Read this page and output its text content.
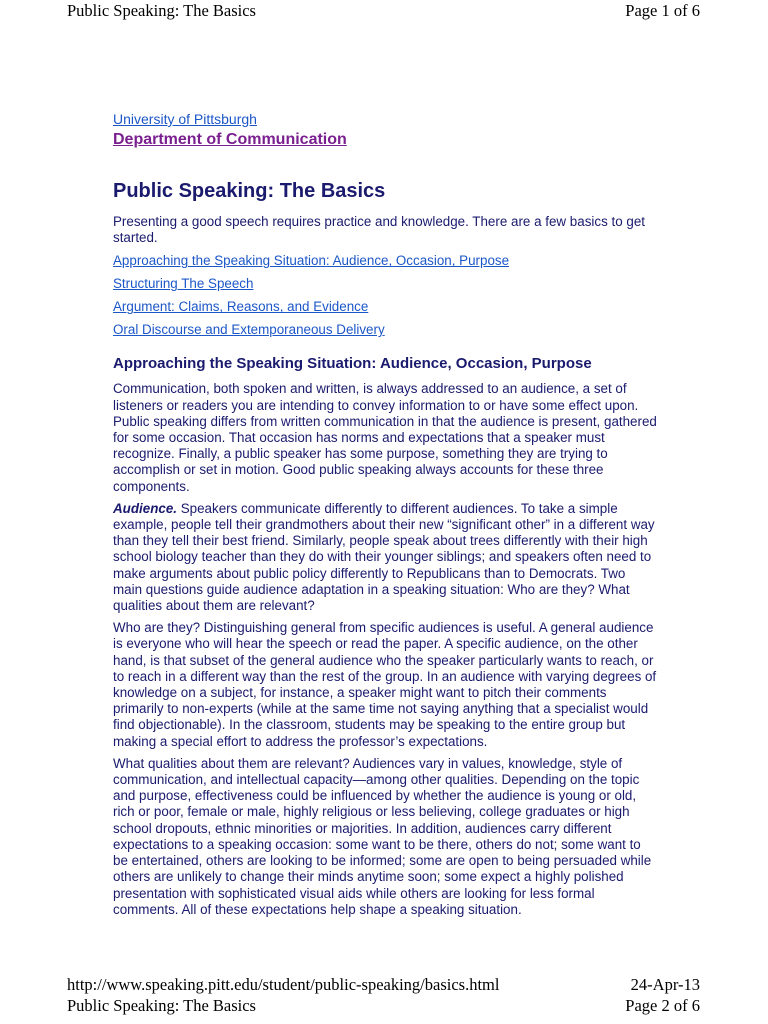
Public Speaking: The Basics	Page 1 of 6
University of Pittsburgh
Department of Communication
Public Speaking: The Basics

Presenting a good speech requires practice and knowledge. There are a few basics to get started.

Approaching the Speaking Situation: Audience, Occasion, Purpose
Structuring The Speech
Argument: Claims, Reasons, and Evidence
Oral Discourse and Extemporaneous Delivery
Approaching the Speaking Situation: Audience, Occasion, Purpose

Communication, both spoken and written, is always addressed to an audience, a set of listeners or readers you are intending to convey information to or have some effect upon. Public speaking differs from written communication in that the audience is present, gathered for some occasion. That occasion has norms and expectations that a speaker must recognize. Finally, a public speaker has some purpose, something they are trying to accomplish or set in motion. Good public speaking always accounts for these three components.

Audience. Speakers communicate differently to different audiences. To take a simple example, people tell their grandmothers about their new “significant other” in a different way than they tell their best friend. Similarly, people speak about trees differently with their high school biology teacher than they do with their younger siblings; and speakers often need to make arguments about public policy differently to Republicans than to Democrats. Two main questions guide audience adaptation in a speaking situation: Who are they? What qualities about them are relevant?

Who are they? Distinguishing general from specific audiences is useful. A general audience is everyone who will hear the speech or read the paper. A specific audience, on the other hand, is that subset of the general audience who the speaker particularly wants to reach, or to reach in a different way than the rest of the group. In an audience with varying degrees of knowledge on a subject, for instance, a speaker might want to pitch their comments primarily to non-experts (while at the same time not saying anything that a specialist would find objectionable). In the classroom, students may be speaking to the entire group but making a special effort to address the professor’s expectations.

What qualities about them are relevant? Audiences vary in values, knowledge, style of communication, and intellectual capacity—among other qualities. Depending on the topic and purpose, effectiveness could be influenced by whether the audience is young or old, rich or poor, female or male, highly religious or less believing, college graduates or high school dropouts, ethnic minorities or majorities. In addition, audiences carry different expectations to a speaking occasion: some want to be there, others do not; some want to be entertained, others are looking to be informed; some are open to being persuaded while others are unlikely to change their minds anytime soon; some expect a highly polished presentation with sophisticated visual aids while others are looking for less formal comments. All of these expectations help shape a speaking situation.

http://www.speaking.pitt.edu/student/public-speaking/basics.html	24-Apr-13
Public Speaking: The Basics	Page 2 of 6
